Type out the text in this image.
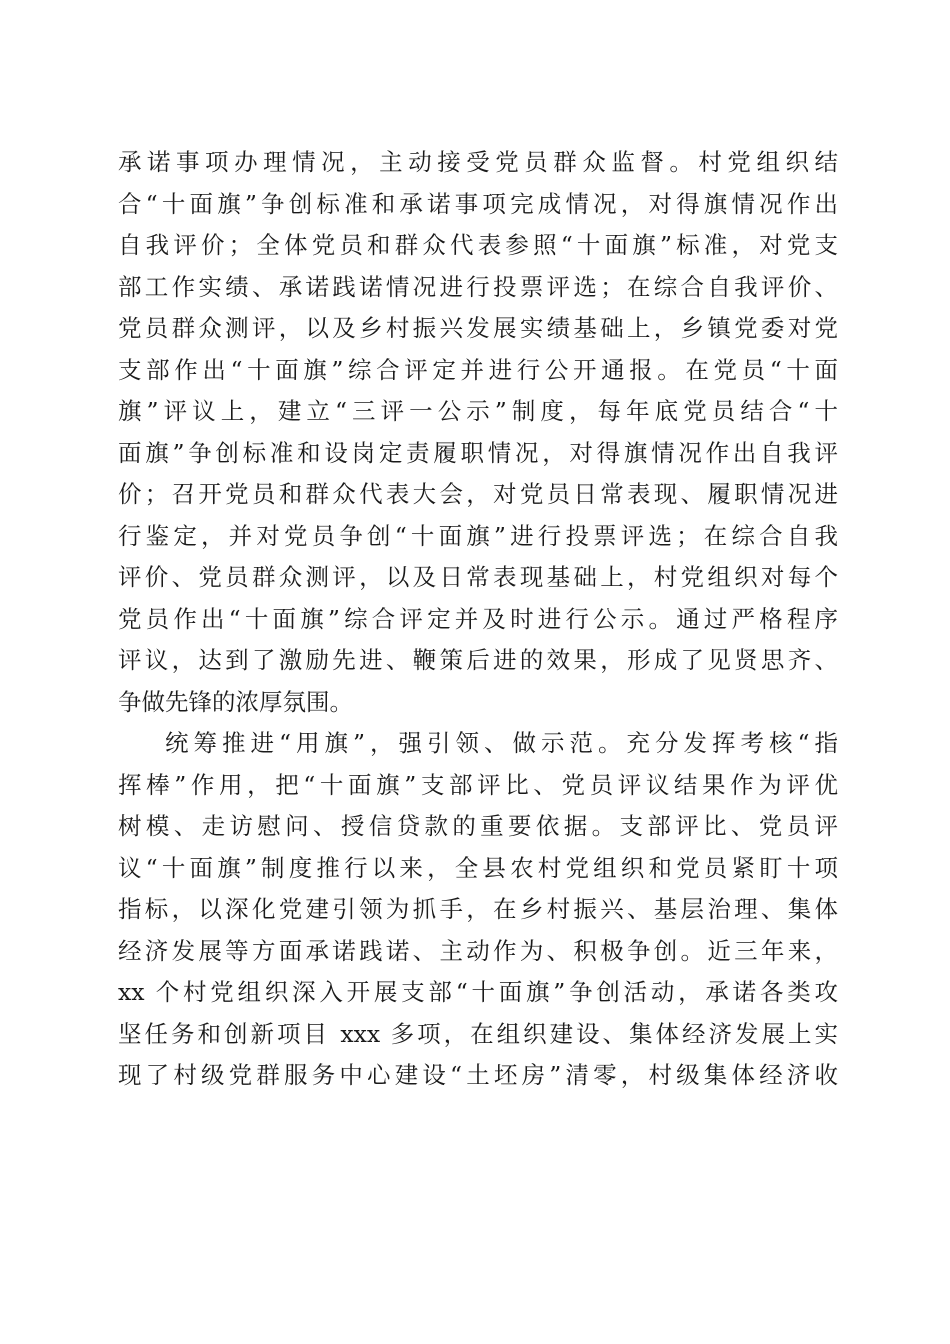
承诺事项办理情况，主动接受党员群众监督。村党组织结
合“十面旗”争创标准和承诺事项完成情况，对得旗情况作出
自我评价；全体党员和群众代表参照“十面旗”标准，对党支
部工作实绩、承诺践诺情况进行投票评选；在综合自我评价、
党员群众测评，以及乡村振兴发展实绩基础上，乡镇党委对党
支部作出“十面旗”综合评定并进行公开通报。在党员“十面
旗”评议上，建立“三评一公示”制度，每年底党员结合“十
面旗”争创标准和设岗定责履职情况，对得旗情况作出自我评
价；召开党员和群众代表大会，对党员日常表现、履职情况进
行鉴定，并对党员争创“十面旗”进行投票评选；在综合自我
评价、党员群众测评，以及日常表现基础上，村党组织对每个
党员作出“十面旗”综合评定并及时进行公示。通过严格程序
评议，达到了激励先进、鞭策后进的效果，形成了见贤思齐、
争做先锋的浓厚氛围。
统筹推进“用旗”，强引领、做示范。充分发挥考核“指
挥棒”作用，把“十面旗”支部评比、党员评议结果作为评优
树模、走访慰问、授信贷款的重要依据。支部评比、党员评
议“十面旗”制度推行以来，全县农村党组织和党员紧盯十项
指标，以深化党建引领为抓手，在乡村振兴、基层治理、集体
经济发展等方面承诺践诺、主动作为、积极争创。近三年来，
xx 个村党组织深入开展支部“十面旗”争创活动，承诺各类攻
坚任务和创新项目 xxx 多项，在组织建设、集体经济发展上实
现了村级党群服务中心建设“土坯房”清零，村级集体经济收
